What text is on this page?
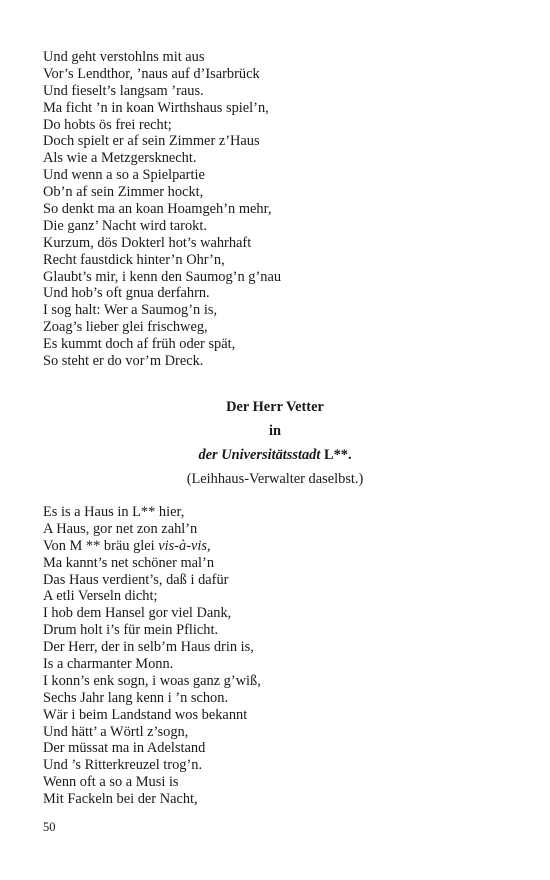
Und geht verstohlns mit aus
Vor’s Lendthor, ’naus auf d’Isarbrück
Und fieselt’s langsam ’raus.
Ma ficht ’n in koan Wirthshaus spiel’n,
Do hobts ös frei recht;
Doch spielt er af sein Zimmer z’Haus
Als wie a Metzgersknecht.
Und wenn a so a Spielpartie
Ob’n af sein Zimmer hockt,
So denkt ma an koan Hoamgeh’n mehr,
Die ganz’ Nacht wird tarokt.
Kurzum, dös Dokterl hot’s wahrhaft
Recht faustdick hinter’n Ohr’n,
Glaubt’s mir, i kenn den Saumog’n g’nau
Und hob’s oft gnua derfahrn.
I sog halt: Wer a Saumog’n is,
Zoag’s lieber glei frischweg,
Es kummt doch af früh oder spät,
So steht er do vor’m Dreck.
Der Herr Vetter
in
der Universitätsstadt L**.
(Leihhaus-Verwalter daselbst.)
Es is a Haus in L** hier,
A Haus, gor net zon zahl’n
Von M ** bräu glei vis-à-vis,
Ma kannt’s net schöner mal’n
Das Haus verdient’s, daß i dafür
A etli Verseln dicht;
I hob dem Hansel gor viel Dank,
Drum holt i’s für mein Pflicht.
Der Herr, der in selb’m Haus drin is,
Is a charmanter Monn.
I konn’s enk sogn, i woas ganz g’wiß,
Sechs Jahr lang kenn i ’n schon.
Wär i beim Landstand wos bekannt
Und hätt’ a Wörtl z’sogn,
Der müssat ma in Adelstand
Und ’s Ritterkreuzel trog’n.
Wenn oft a so a Musi is
Mit Fackeln bei der Nacht,
50
